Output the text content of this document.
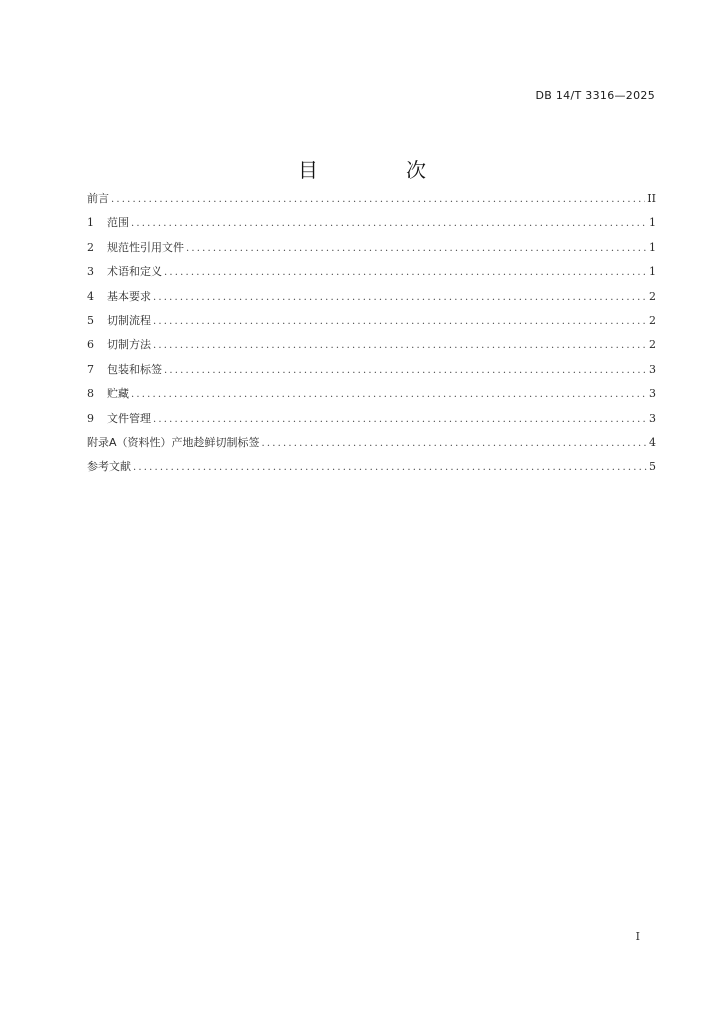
DB 14/T 3316—2025
目　次
前言 .....	II
1	范围 .....	1
2	规范性引用文件 .....	1
3	术语和定义 .....	1
4	基本要求 .....	2
5	切制流程 .....	2
6	切制方法 .....	2
7	包装和标签 .....	3
8	贮藏 .....	3
9	文件管理 .....	3
附录A（资料性）产地趁鲜切制标签 .....	4
参考文献 .....	5
I
